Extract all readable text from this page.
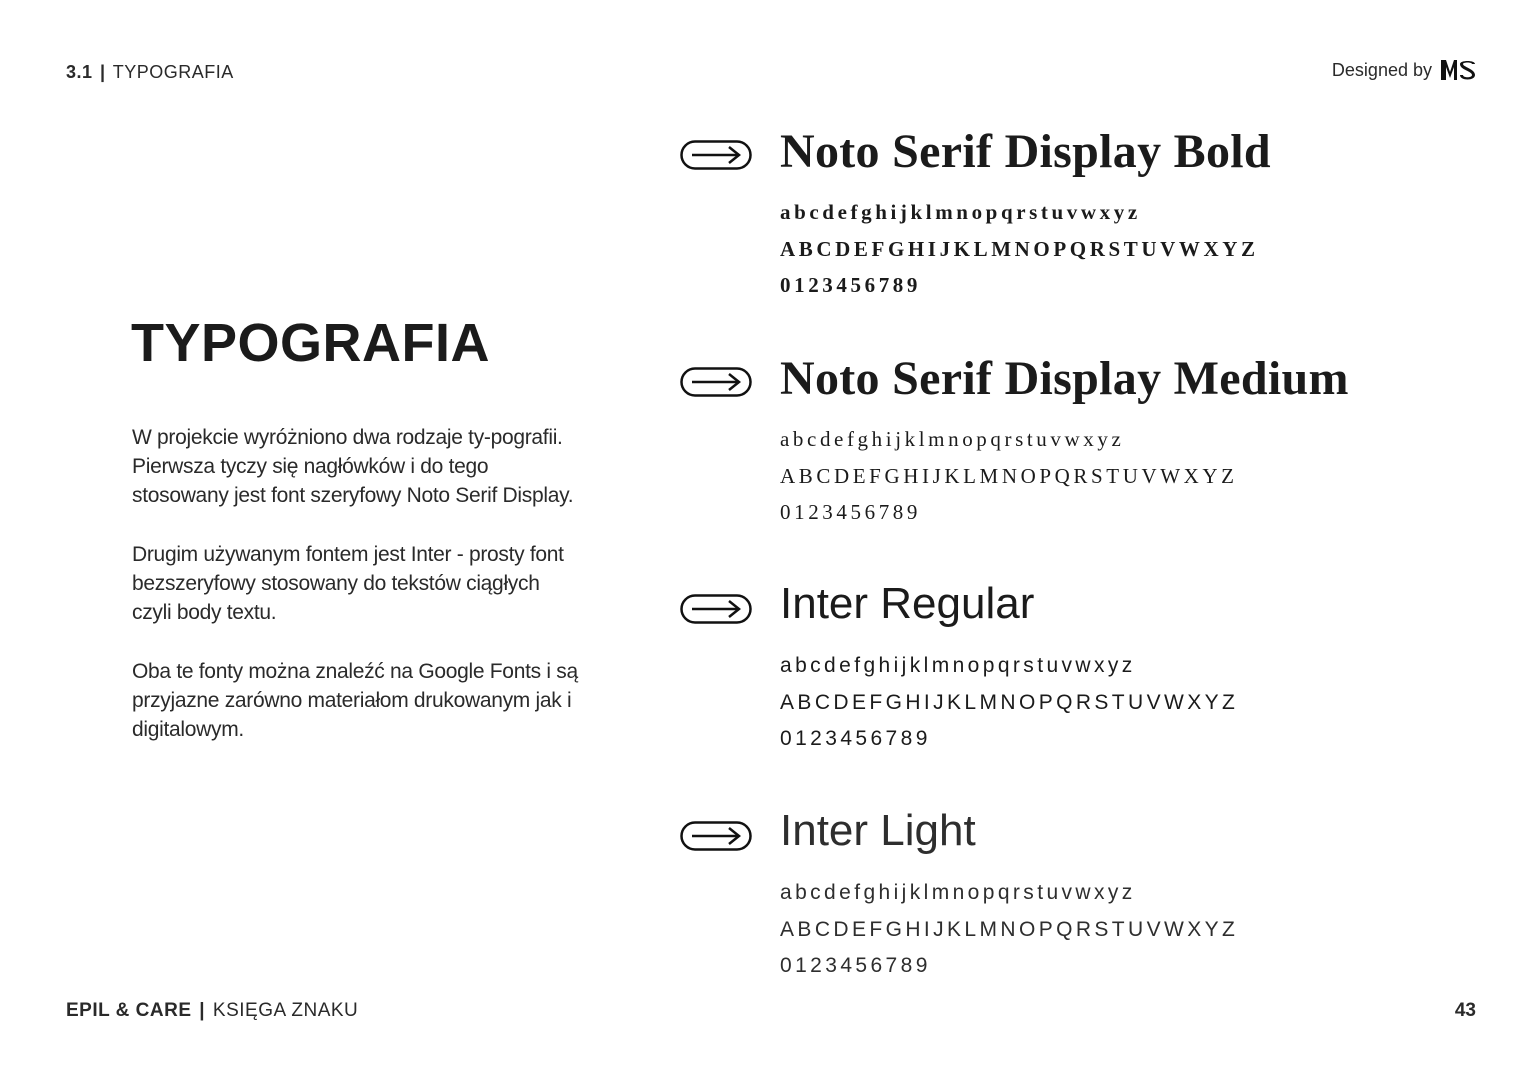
3.1 | TYPOGRAFIA	Designed by
TYPOGRAFIA

W projekcie wyróżniono dwa rodzaje ty-pografii. Pierwsza tyczy się nagłówków i do tego stosowany jest font szeryfowy Noto Serif Display.

Drugim używanym fontem jest Inter - prosty font bezszeryfowy stosowany do tekstów ciągłych czyli body textu.

Oba te fonty można znaleźć na Google Fonts i są przyjazne zarówno materiałom drukowanym jak i digitalowym.

Noto Serif Display Bold
abcdefghijklmnopqrstuvwxyz
ABCDEFGHIJKLMNOPQRSTUVWXYZ
0123456789
Noto Serif Display Medium
abcdefghijklmnopqrstuvwxyz
ABCDEFGHIJKLMNOPQRSTUVWXYZ
0123456789
Inter Regular
abcdefghijklmnopqrstuvwxyz
ABCDEFGHIJKLMNOPQRSTUVWXYZ
0123456789
Inter Light
abcdefghijklmnopqrstuvwxyz
ABCDEFGHIJKLMNOPQRSTUVWXYZ
0123456789
EPIL & CARE | KSIĘGA ZNAKU	43
